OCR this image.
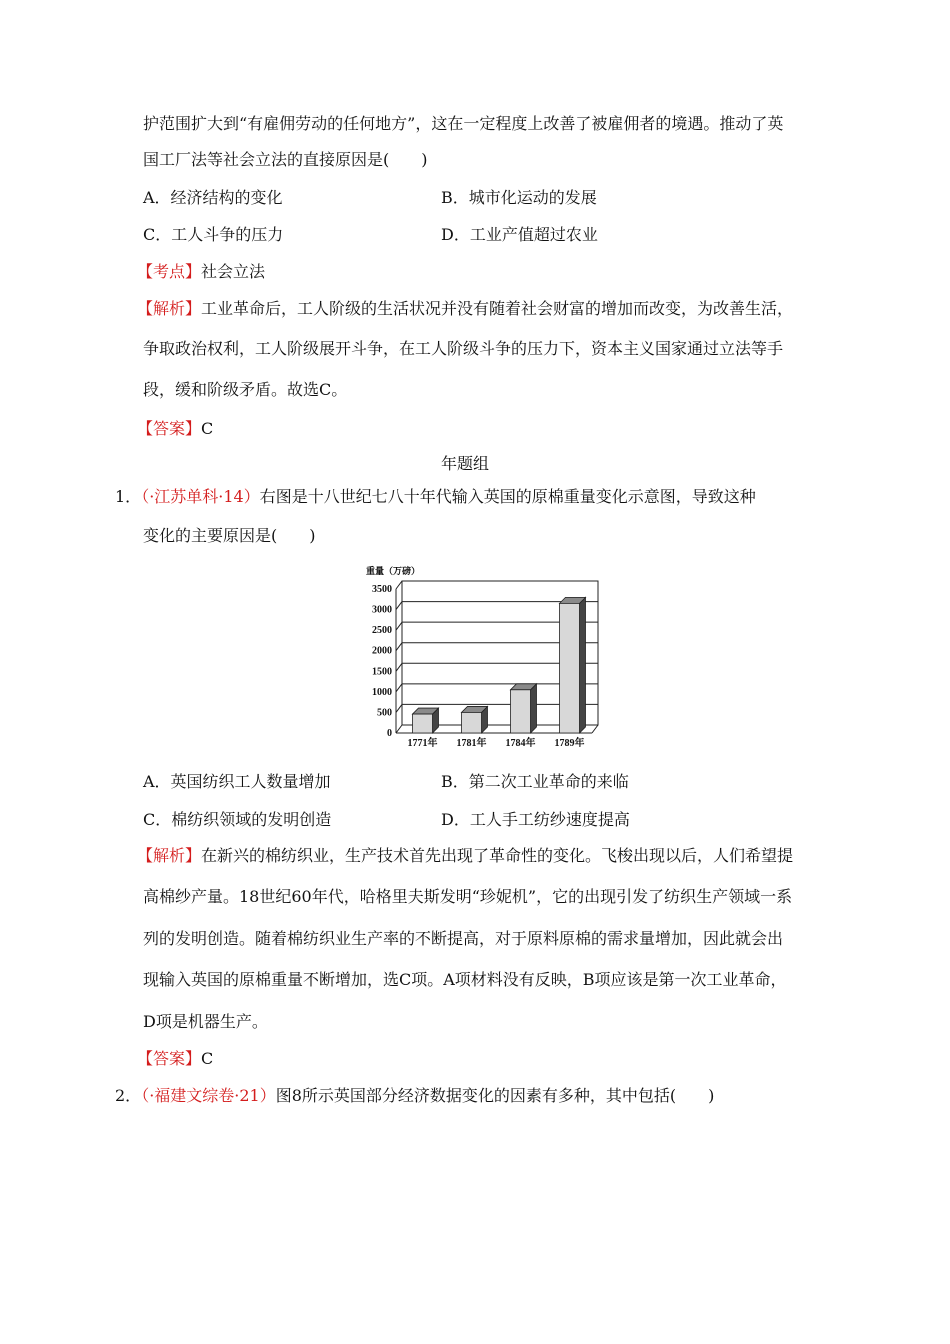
护范围扩大到“有雇佣劳动的任何地方”，这在一定程度上改善了被雇佣者的境遇。推动了英
国工厂法等社会立法的直接原因是(　　)
A．经济结构的变化	B．城市化运动的发展
C．工人斗争的压力	D．工业产值超过农业
【考点】社会立法
【解析】工业革命后，工人阶级的生活状况并没有随着社会财富的增加而改变，为改善生活，
争取政治权利，工人阶级展开斗争，在工人阶级斗争的压力下，资本主义国家通过立法等手
段，缓和阶级矛盾。故选C。
【答案】C
年题组
1．（·江苏单科·14）右图是十八世纪七八十年代输入英国的原棉重量变化示意图，导致这种
变化的主要原因是(　　)
重量（万磅）
0
500
1000
1500
2000
2500
3000
3500
1771年 1781年 1784年 1789年
A．英国纺织工人数量增加	B．第二次工业革命的来临
C．棉纺织领域的发明创造	D．工人手工纺纱速度提高
【解析】在新兴的棉纺织业，生产技术首先出现了革命性的变化。飞梭出现以后，人们希望提
高棉纱产量。18世纪60年代，哈格里夫斯发明“珍妮机”，它的出现引发了纺织生产领域一系
列的发明创造。随着棉纺织业生产率的不断提高，对于原料原棉的需求量增加，因此就会出
现输入英国的原棉重量不断增加，选C项。A项材料没有反映，B项应该是第一次工业革命，
D项是机器生产。
【答案】C
2．（·福建文综卷·21）图8所示英国部分经济数据变化的因素有多种，其中包括(　　)
